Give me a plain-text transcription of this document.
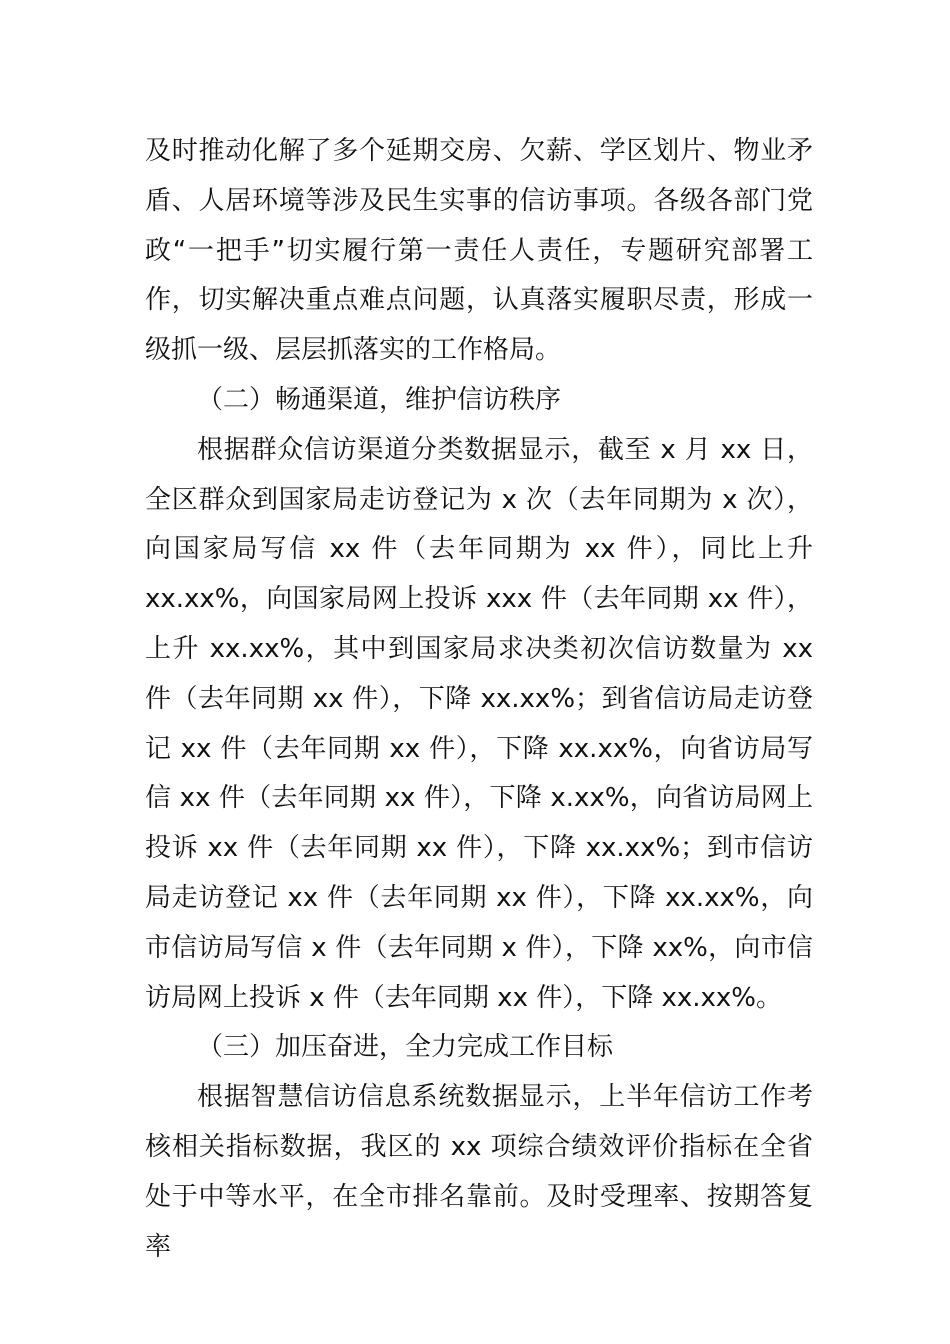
及时推动化解了多个延期交房、欠薪、学区划片、物业矛盾、人居环境等涉及民生实事的信访事项。各级各部门党政“一把手”切实履行第一责任人责任，专题研究部署工作，切实解决重点难点问题，认真落实履职尽责，形成一级抓一级、层层抓落实的工作格局。

（二）畅通渠道，维护信访秩序

根据群众信访渠道分类数据显示，截至 x 月 xx 日，全区群众到国家局走访登记为 x 次（去年同期为 x 次），向国家局写信 xx 件（去年同期为 xx 件），同比上升 xx.xx%，向国家局网上投诉 xxx 件（去年同期 xx 件），上升 xx.xx%，其中到国家局求决类初次信访数量为 xx 件（去年同期 xx 件），下降 xx.xx%；到省信访局走访登记 xx 件（去年同期 xx 件），下降 xx.xx%，向省访局写信 xx 件（去年同期 xx 件），下降 x.xx%，向省访局网上投诉 xx 件（去年同期 xx 件），下降 xx.xx%；到市信访局走访登记 xx 件（去年同期 xx 件），下降 xx.xx%，向市信访局写信 x 件（去年同期 x 件），下降 xx%，向市信访局网上投诉 x 件（去年同期 xx 件），下降 xx.xx%。

（三）加压奋进，全力完成工作目标

根据智慧信访信息系统数据显示，上半年信访工作考核相关指标数据，我区的 xx 项综合绩效评价指标在全省处于中等水平，在全市排名靠前。及时受理率、按期答复率
